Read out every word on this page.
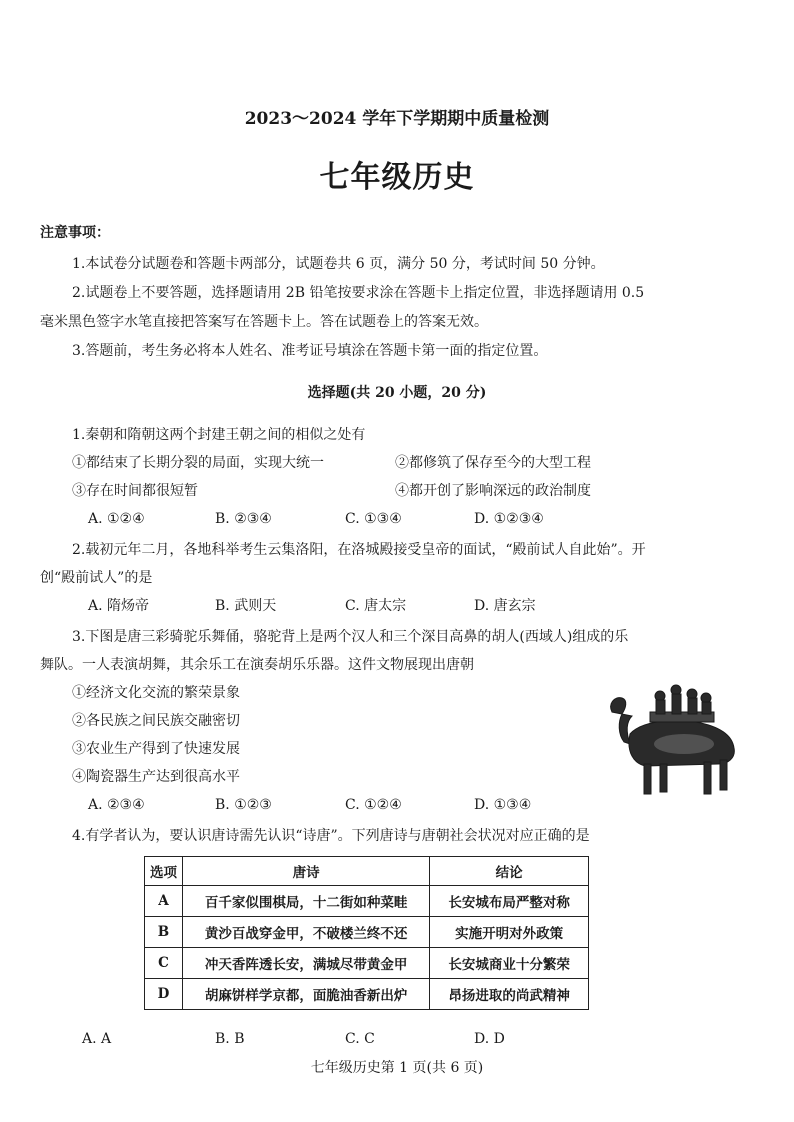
2023～2024 学年下学期期中质量检测
七年级历史
注意事项：
1.本试卷分试题卷和答题卡两部分，试题卷共 6 页，满分 50 分，考试时间 50 分钟。
2.试题卷上不要答题，选择题请用 2B 铅笔按要求涂在答题卡上指定位置，非选择题请用 0.5
毫米黑色签字水笔直接把答案写在答题卡上。答在试题卷上的答案无效。
3.答题前，考生务必将本人姓名、准考证号填涂在答题卡第一面的指定位置。
选择题(共 20 小题，20 分)
1.秦朝和隋朝这两个封建王朝之间的相似之处有
①都结束了长期分裂的局面，实现大统一	②都修筑了保存至今的大型工程
③存在时间都很短暂	④都开创了影响深远的政治制度
A. ①②④	B. ②③④	C. ①③④	D. ①②③④
2.载初元年二月，各地科举考生云集洛阳，在洛城殿接受皇帝的面试，“殿前试人自此始”。开
创“殿前试人”的是
A. 隋炀帝	B. 武则天	C. 唐太宗	D. 唐玄宗
3.下图是唐三彩骑驼乐舞俑，骆驼背上是两个汉人和三个深目高鼻的胡人(西域人)组成的乐
舞队。一人表演胡舞，其余乐工在演奏胡乐乐器。这件文物展现出唐朝
①经济文化交流的繁荣景象
②各民族之间民族交融密切
③农业生产得到了快速发展
④陶瓷器生产达到很高水平
A. ②③④	B. ①②③	C. ①②④	D. ①③④
4.有学者认为，要认识唐诗需先认识“诗唐”。下列唐诗与唐朝社会状况对应正确的是
选项	唐诗	结论
A	百千家似围棋局，十二街如种菜畦	长安城布局严整对称
B	黄沙百战穿金甲，不破楼兰终不还	实施开明对外政策
C	冲天香阵透长安，满城尽带黄金甲	长安城商业十分繁荣
D	胡麻饼样学京都，面脆油香新出炉	昂扬进取的尚武精神
A. A	B. B	C. C	D. D
七年级历史第 1 页(共 6 页)
